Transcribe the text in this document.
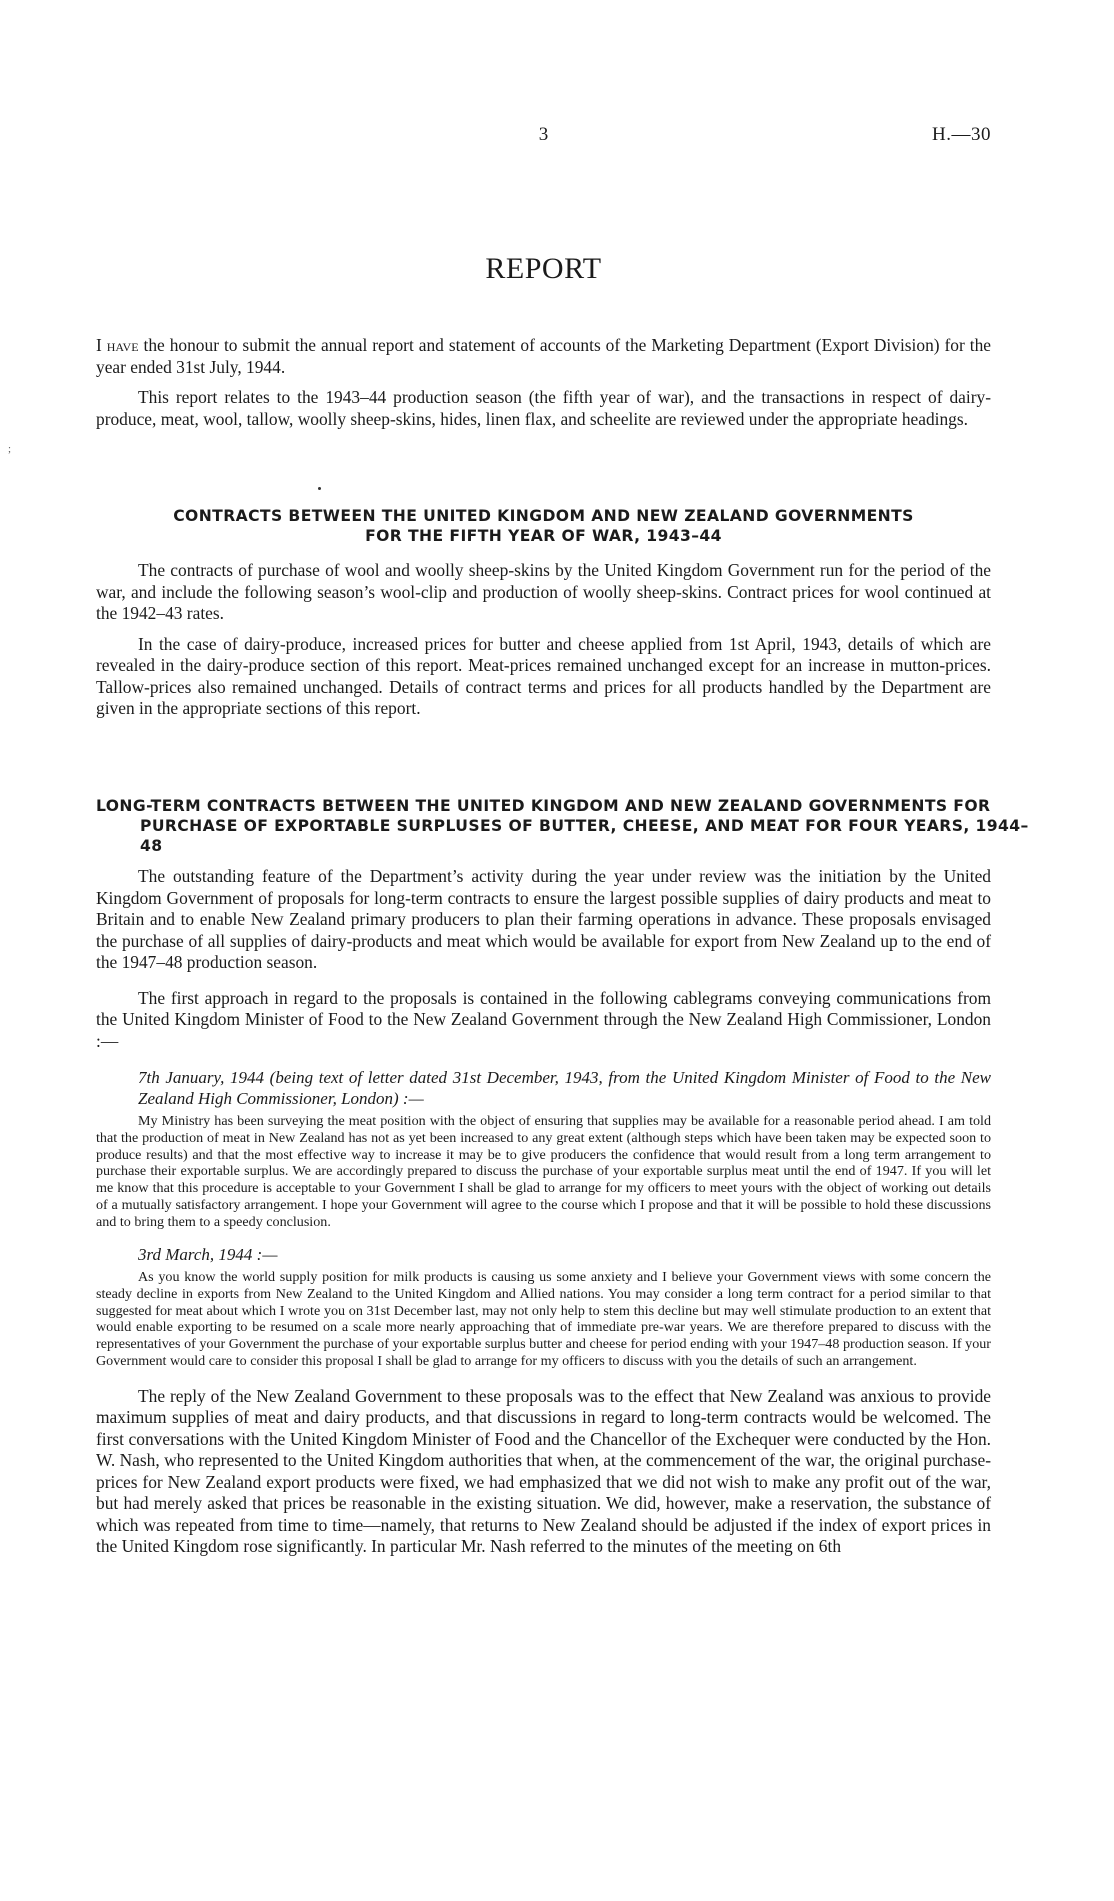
;
3	H.—30
REPORT

I have the honour to submit the annual report and statement of accounts of the Marketing Department (Export Division) for the year ended 31st July, 1944.

This report relates to the 1943–44 production season (the fifth year of war), and the transactions in respect of dairy-produce, meat, wool, tallow, woolly sheep-skins, hides, linen flax, and scheelite are reviewed under the appropriate headings.

CONTRACTS BETWEEN THE UNITED KINGDOM AND NEW ZEALAND GOVERNMENTS
FOR THE FIFTH YEAR OF WAR, 1943–44

The contracts of purchase of wool and woolly sheep-skins by the United Kingdom Government run for the period of the war, and include the following season’s wool-clip and production of woolly sheep-skins. Contract prices for wool continued at the 1942–43 rates.

In the case of dairy-produce, increased prices for butter and cheese applied from 1st April, 1943, details of which are revealed in the dairy-produce section of this report. Meat-prices remained unchanged except for an increase in mutton-prices. Tallow-prices also remained unchanged. Details of contract terms and prices for all products handled by the Department are given in the appropriate sections of this report.

LONG-TERM CONTRACTS BETWEEN THE UNITED KINGDOM AND NEW ZEALAND GOVERNMENTS FOR PURCHASE OF EXPORTABLE SURPLUSES OF BUTTER, CHEESE, AND MEAT FOR FOUR YEARS, 1944–48

The outstanding feature of the Department’s activity during the year under review was the initiation by the United Kingdom Government of proposals for long-term contracts to ensure the largest possible supplies of dairy products and meat to Britain and to enable New Zealand primary producers to plan their farming operations in advance. These proposals envisaged the purchase of all supplies of dairy-products and meat which would be available for export from New Zealand up to the end of the 1947–48 production season.

The first approach in regard to the proposals is contained in the following cablegrams conveying communications from the United Kingdom Minister of Food to the New Zealand Government through the New Zealand High Commissioner, London :—

7th January, 1944 (being text of letter dated 31st December, 1943, from the United Kingdom Minister of Food to the New Zealand High Commissioner, London) :—

My Ministry has been surveying the meat position with the object of ensuring that supplies may be available for a reasonable period ahead. I am told that the production of meat in New Zealand has not as yet been increased to any great extent (although steps which have been taken may be expected soon to produce results) and that the most effective way to increase it may be to give producers the confidence that would result from a long term arrangement to purchase their exportable surplus. We are accordingly prepared to discuss the purchase of your exportable surplus meat until the end of 1947. If you will let me know that this procedure is acceptable to your Government I shall be glad to arrange for my officers to meet yours with the object of working out details of a mutually satisfactory arrangement. I hope your Government will agree to the course which I propose and that it will be possible to hold these discussions and to bring them to a speedy conclusion.

3rd March, 1944 :—

As you know the world supply position for milk products is causing us some anxiety and I believe your Government views with some concern the steady decline in exports from New Zealand to the United Kingdom and Allied nations. You may consider a long term contract for a period similar to that suggested for meat about which I wrote you on 31st December last, may not only help to stem this decline but may well stimulate production to an extent that would enable exporting to be resumed on a scale more nearly approaching that of immediate pre-war years. We are therefore prepared to discuss with the representatives of your Government the purchase of your exportable surplus butter and cheese for period ending with your 1947–48 production season. If your Government would care to consider this proposal I shall be glad to arrange for my officers to discuss with you the details of such an arrangement.

The reply of the New Zealand Government to these proposals was to the effect that New Zealand was anxious to provide maximum supplies of meat and dairy products, and that discussions in regard to long-term contracts would be welcomed. The first conversations with the United Kingdom Minister of Food and the Chancellor of the Exchequer were conducted by the Hon. W. Nash, who represented to the United Kingdom authorities that when, at the commencement of the war, the original purchase-prices for New Zealand export products were fixed, we had emphasized that we did not wish to make any profit out of the war, but had merely asked that prices be reasonable in the existing situation. We did, however, make a reservation, the substance of which was repeated from time to time—namely, that returns to New Zealand should be adjusted if the index of export prices in the United Kingdom rose significantly. In particular Mr. Nash referred to the minutes of the meeting on 6th
